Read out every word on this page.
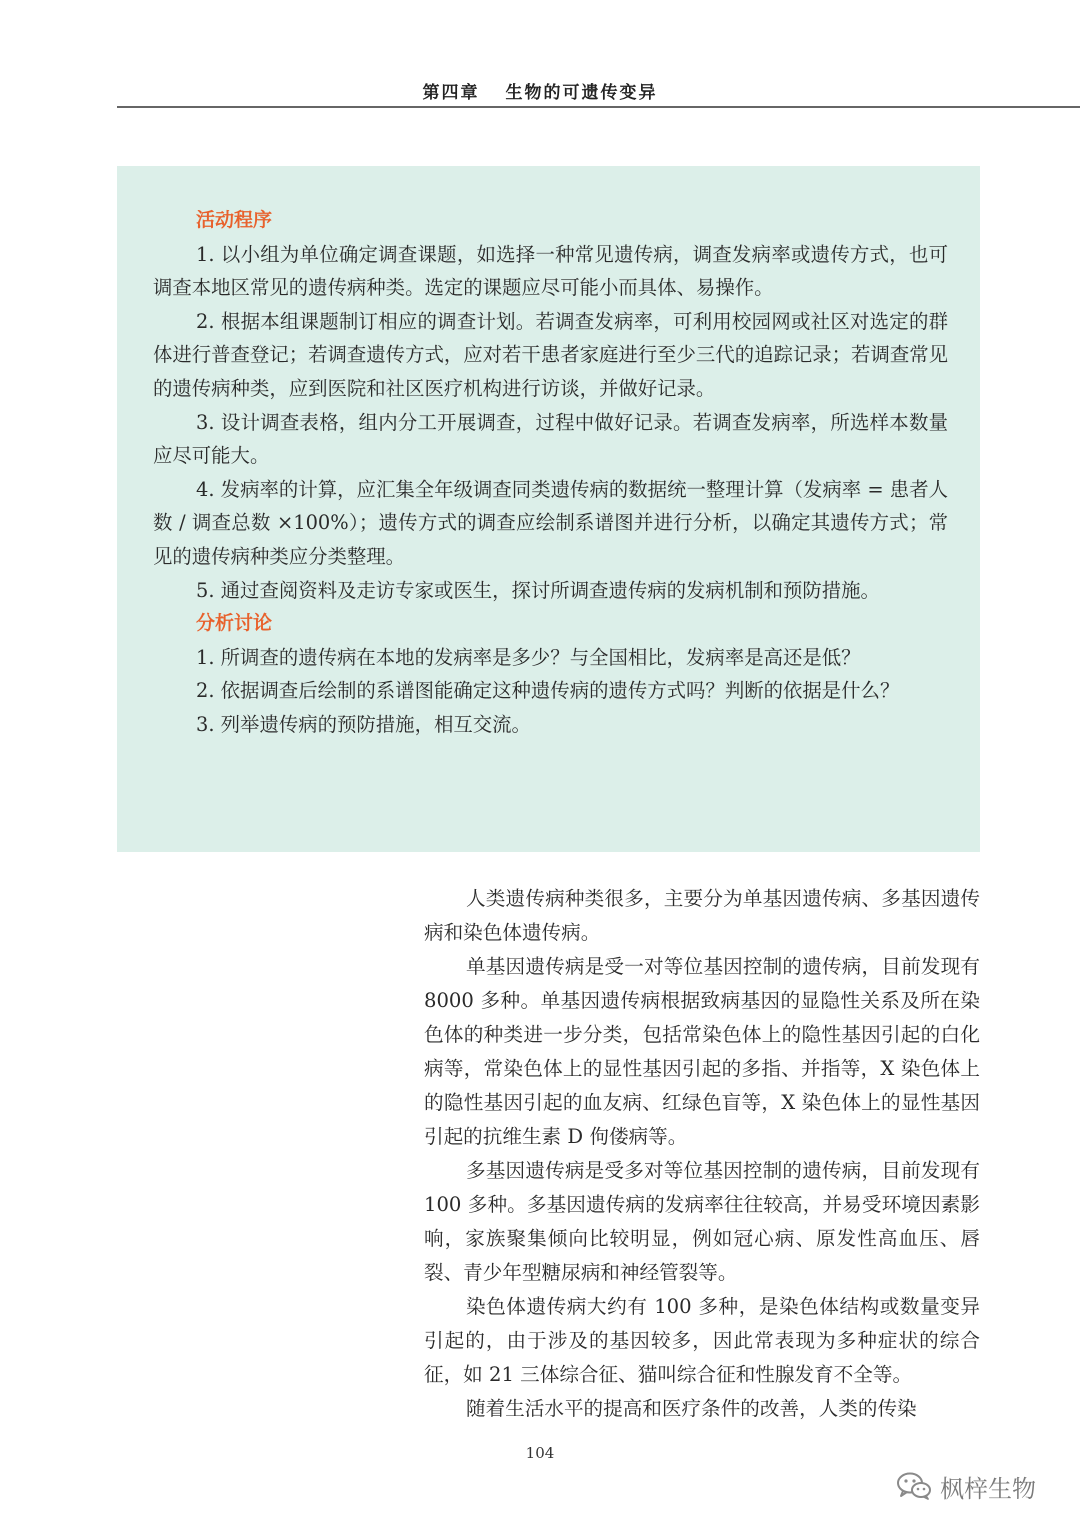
第四章 生物的可遗传变异
活动程序

1. 以小组为单位确定调查课题，如选择一种常见遗传病，调查发病率或遗传方式，也可调查本地区常见的遗传病种类。选定的课题应尽可能小而具体、易操作。

2. 根据本组课题制订相应的调查计划。若调查发病率，可利用校园网或社区对选定的群体进行普查登记；若调查遗传方式，应对若干患者家庭进行至少三代的追踪记录；若调查常见的遗传病种类，应到医院和社区医疗机构进行访谈，并做好记录。

3. 设计调查表格，组内分工开展调查，过程中做好记录。若调查发病率，所选样本数量应尽可能大。

4. 发病率的计算，应汇集全年级调查同类遗传病的数据统一整理计算（发病率 = 患者人数 / 调查总数 ×100%）；遗传方式的调查应绘制系谱图并进行分析，以确定其遗传方式；常见的遗传病种类应分类整理。

5. 通过查阅资料及走访专家或医生，探讨所调查遗传病的发病机制和预防措施。

分析讨论

1. 所调查的遗传病在本地的发病率是多少？与全国相比，发病率是高还是低？

2. 依据调查后绘制的系谱图能确定这种遗传病的遗传方式吗？判断的依据是什么？

3. 列举遗传病的预防措施，相互交流。

人类遗传病种类很多，主要分为单基因遗传病、多基因遗传病和染色体遗传病。

单基因遗传病是受一对等位基因控制的遗传病，目前发现有 8000 多种。单基因遗传病根据致病基因的显隐性关系及所在染色体的种类进一步分类，包括常染色体上的隐性基因引起的白化病等，常染色体上的显性基因引起的多指、并指等，X 染色体上的隐性基因引起的血友病、红绿色盲等，X 染色体上的显性基因引起的抗维生素 D 佝偻病等。

多基因遗传病是受多对等位基因控制的遗传病，目前发现有 100 多种。多基因遗传病的发病率往往较高，并易受环境因素影响，家族聚集倾向比较明显，例如冠心病、原发性高血压、唇裂、青少年型糖尿病和神经管裂等。

染色体遗传病大约有 100 多种，是染色体结构或数量变异引起的，由于涉及的基因较多，因此常表现为多种症状的综合征，如 21 三体综合征、猫叫综合征和性腺发育不全等。

随着生活水平的提高和医疗条件的改善，人类的传染

104
枫梓生物
